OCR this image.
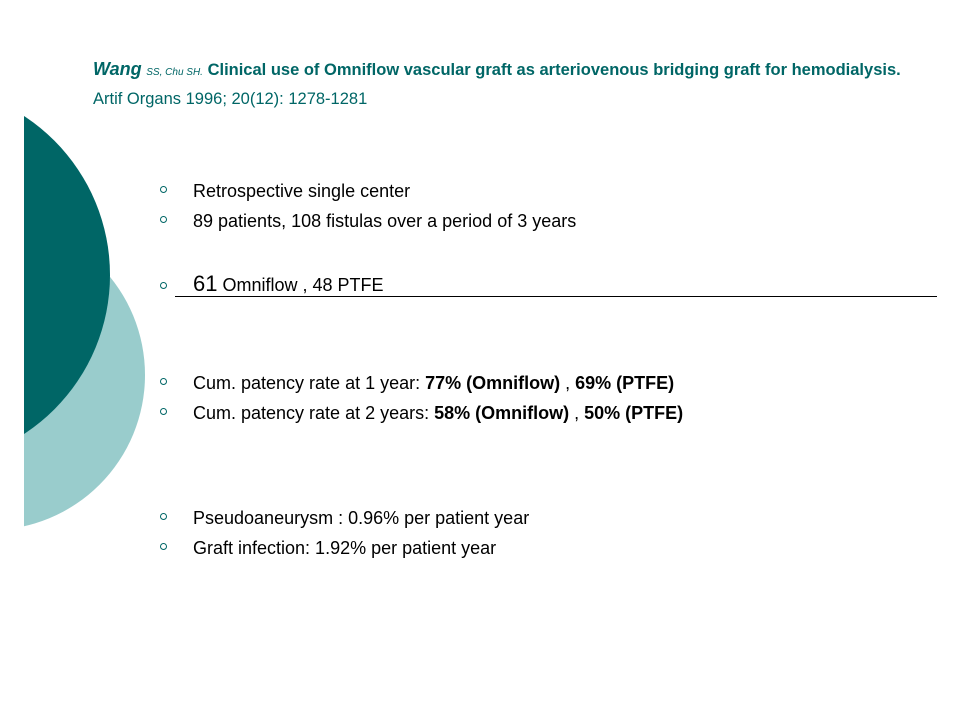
Wang SS, Chu SH. Clinical use of Omniflow vascular graft as arteriovenous bridging graft for hemodialysis. Artif Organs 1996; 20(12): 1278-1281
Retrospective single center
89 patients, 108 fistulas over a period of 3 years
61 Omniflow , 48 PTFE
Cum. patency rate at 1 year: 77% (Omniflow) , 69% (PTFE)
Cum. patency rate at 2 years: 58% (Omniflow) , 50% (PTFE)
Pseudoaneurysm : 0.96% per patient year
Graft infection: 1.92% per patient year
